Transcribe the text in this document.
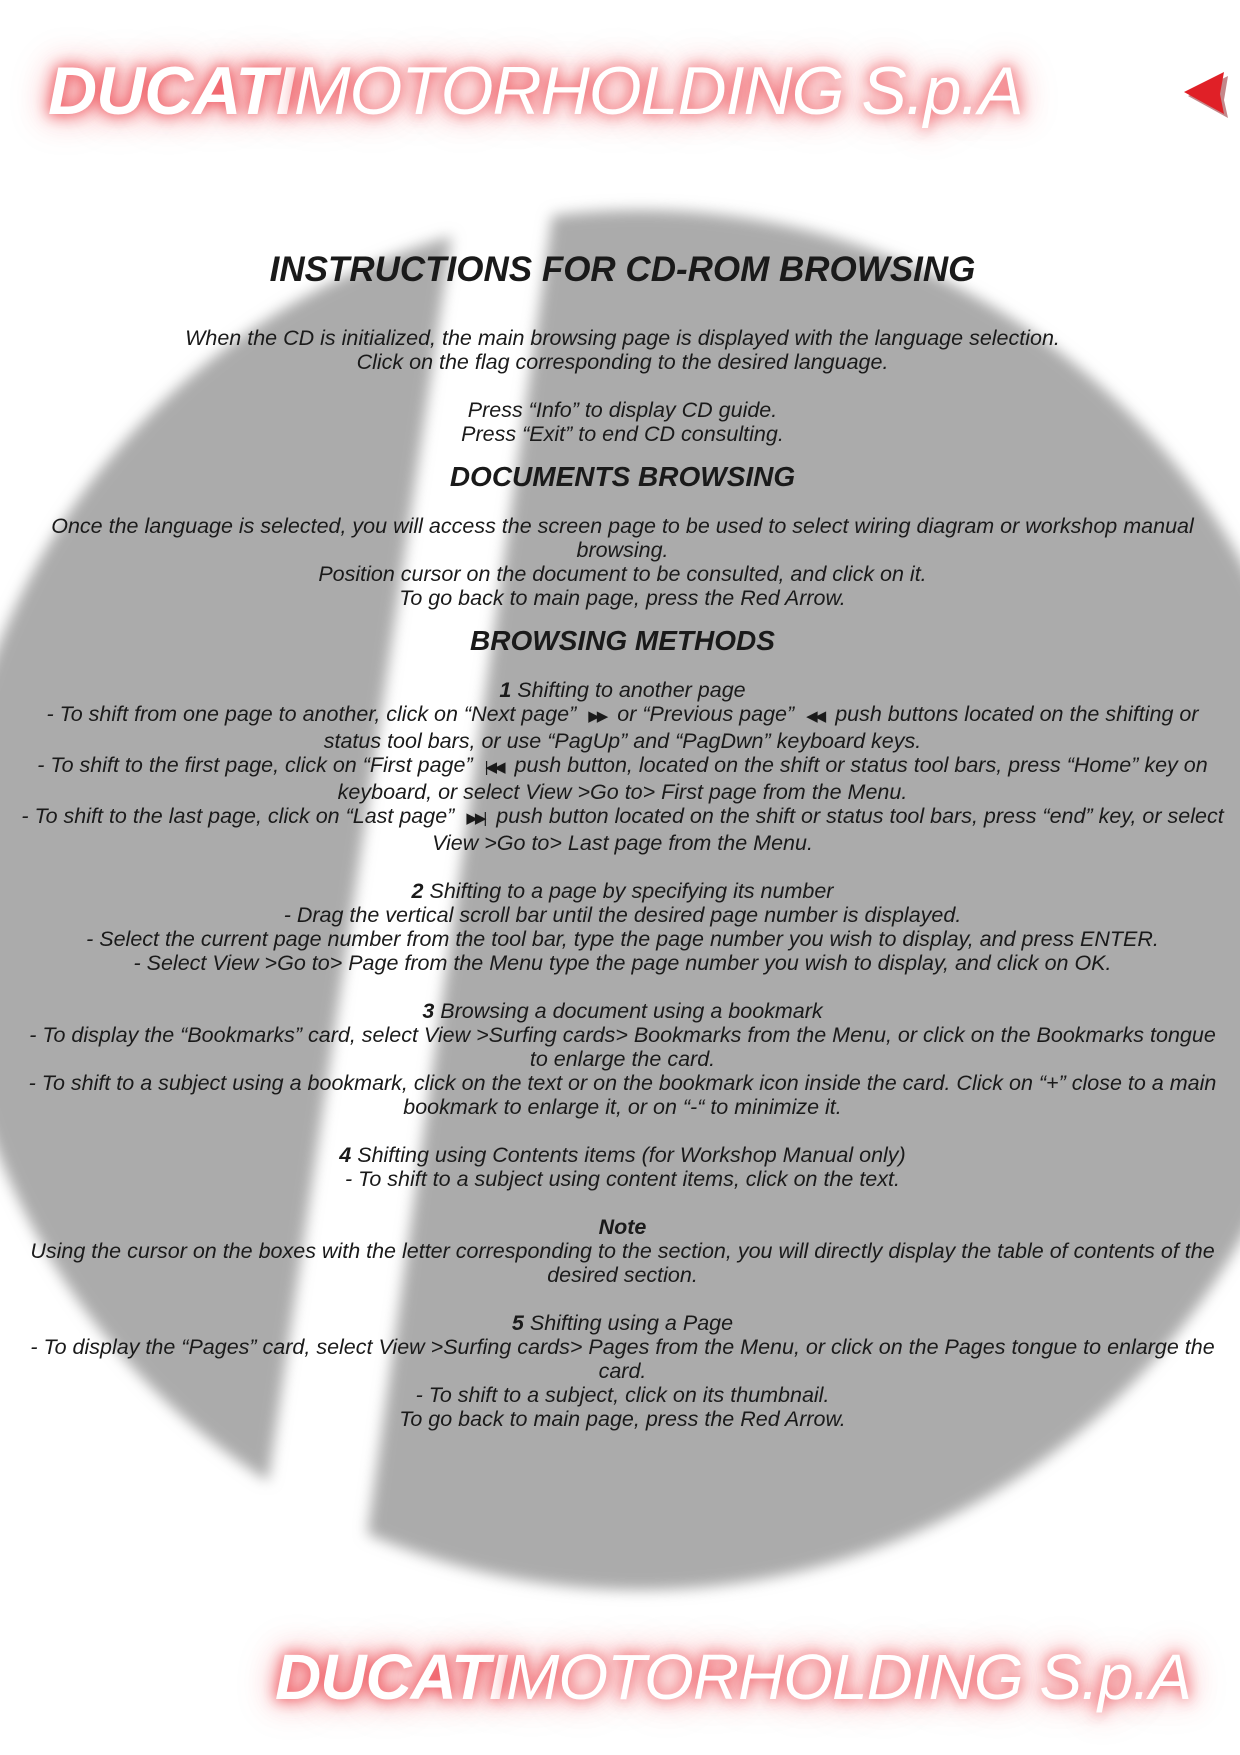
DUCATIMOTORHOLDING S.p.A
INSTRUCTIONS FOR CD-ROM BROWSING

When the CD is initialized, the main browsing page is displayed with the language selection.

Click on the flag corresponding to the desired language.

Press “Info” to display CD guide.

Press “Exit” to end CD consulting.

DOCUMENTS BROWSING

Once the language is selected, you will access the screen page to be used to select wiring diagram or workshop manual browsing.

Position cursor on the document to be consulted, and click on it.

To go back to main page, press the Red Arrow.

BROWSING METHODS

1 Shifting to another page

- To shift from one page to another, click on “Next page” ▶▶ or “Previous page” ◀◀ push buttons located on the shifting or status tool bars, or use “PagUp” and “PagDwn” keyboard keys.

- To shift to the first page, click on “First page” |◀◀ push button, located on the shift or status tool bars, press “Home” key on keyboard, or select View >Go to> First page from the Menu.

- To shift to the last page, click on “Last page” ▶▶| push button located on the shift or status tool bars, press “end” key, or select View >Go to> Last page from the Menu.

2 Shifting to a page by specifying its number

- Drag the vertical scroll bar until the desired page number is displayed.

- Select the current page number from the tool bar, type the page number you wish to display, and press ENTER.

- Select View >Go to> Page from the Menu type the page number you wish to display, and click on OK.

3 Browsing a document using a bookmark

- To display the “Bookmarks” card, select View >Surfing cards> Bookmarks from the Menu, or click on the Bookmarks tongue to enlarge the card.

- To shift to a subject using a bookmark, click on the text or on the bookmark icon inside the card. Click on “+” close to a main bookmark to enlarge it, or on “-“ to minimize it.

4 Shifting using Contents items (for Workshop Manual only)

- To shift to a subject using content items, click on the text.

Note

Using the cursor on the boxes with the letter corresponding to the section, you will directly display the table of contents of the desired section.

5 Shifting using a Page

- To display the “Pages” card, select View >Surfing cards> Pages from the Menu, or click on the Pages tongue to enlarge the card.

- To shift to a subject, click on its thumbnail.

To go back to main page, press the Red Arrow.

DUCATIMOTORHOLDING S.p.A
